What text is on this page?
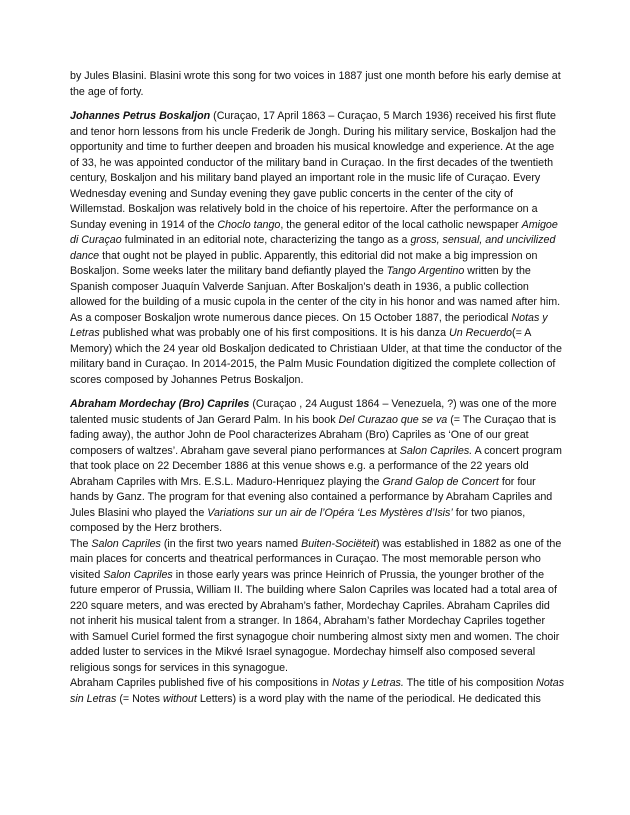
by Jules Blasini. Blasini wrote this song for two voices in 1887 just one month before his early demise at the age of forty.

Johannes Petrus Boskaljon (Curaçao, 17 April 1863 – Curaçao, 5 March 1936) received his first flute and tenor horn lessons from his uncle Frederik de Jongh. During his military service, Boskaljon had the opportunity and time to further deepen and broaden his musical knowledge and experience. At the age of 33, he was appointed conductor of the military band in Curaçao. In the first decades of the twentieth century, Boskaljon and his military band played an important role in the music life of Curaçao. Every Wednesday evening and Sunday evening they gave public concerts in the center of the city of Willemstad. Boskaljon was relatively bold in the choice of his repertoire. After the performance on a Sunday evening in 1914 of the Choclo tango, the general editor of the local catholic newspaper Amigoe di Curaçao fulminated in an editorial note, characterizing the tango as a gross, sensual, and uncivilized dance that ought not be played in public. Apparently, this editorial did not make a big impression on Boskaljon. Some weeks later the military band defiantly played the Tango Argentino written by the Spanish composer Juaquín Valverde Sanjuan. After Boskaljon’s death in 1936, a public collection allowed for the building of a music cupola in the center of the city in his honor and was named after him.

As a composer Boskaljon wrote numerous dance pieces. On 15 October 1887, the periodical Notas y Letras published what was probably one of his first compositions. It is his danza Un Recuerdo(= A Memory) which the 24 year old Boskaljon dedicated to Christiaan Ulder, at that time the conductor of the military band in Curaçao. In 2014-2015, the Palm Music Foundation digitized the complete collection of scores composed by Johannes Petrus Boskaljon.

Abraham Mordechay (Bro) Capriles (Curaçao , 24 August 1864 – Venezuela, ?) was one of the more talented music students of Jan Gerard Palm. In his book Del Curazao que se va (= The Curaçao that is fading away), the author John de Pool characterizes Abraham (Bro) Capriles as ‘One of our great composers of waltzes’. Abraham gave several piano performances at Salon Capriles. A concert program that took place on 22 December 1886 at this venue shows e.g. a performance of the 22 years old Abraham Capriles with Mrs. E.S.L. Maduro-Henriquez playing the Grand Galop de Concert for four hands by Ganz. The program for that evening also contained a performance by Abraham Capriles and Jules Blasini who played the Variations sur un air de l’Opéra ‘Les Mystères d’Isis’ for two pianos, composed by the Herz brothers.

The Salon Capriles (in the first two years named Buiten-Sociëteit) was established in 1882 as one of the main places for concerts and theatrical performances in Curaçao. The most memorable person who visited Salon Capriles in those early years was prince Heinrich of Prussia, the younger brother of the future emperor of Prussia, William II. The building where Salon Capriles was located had a total area of 220 square meters, and was erected by Abraham’s father, Mordechay Capriles. Abraham Capriles did not inherit his musical talent from a stranger. In 1864, Abraham’s father Mordechay Capriles together with Samuel Curiel formed the first synagogue choir numbering almost sixty men and women. The choir added luster to services in the Mikvé Israel synagogue. Mordechay himself also composed several religious songs for services in this synagogue.

Abraham Capriles published five of his compositions in Notas y Letras. The title of his composition Notas sin Letras (= Notes without Letters) is a word play with the name of the periodical. He dedicated this
